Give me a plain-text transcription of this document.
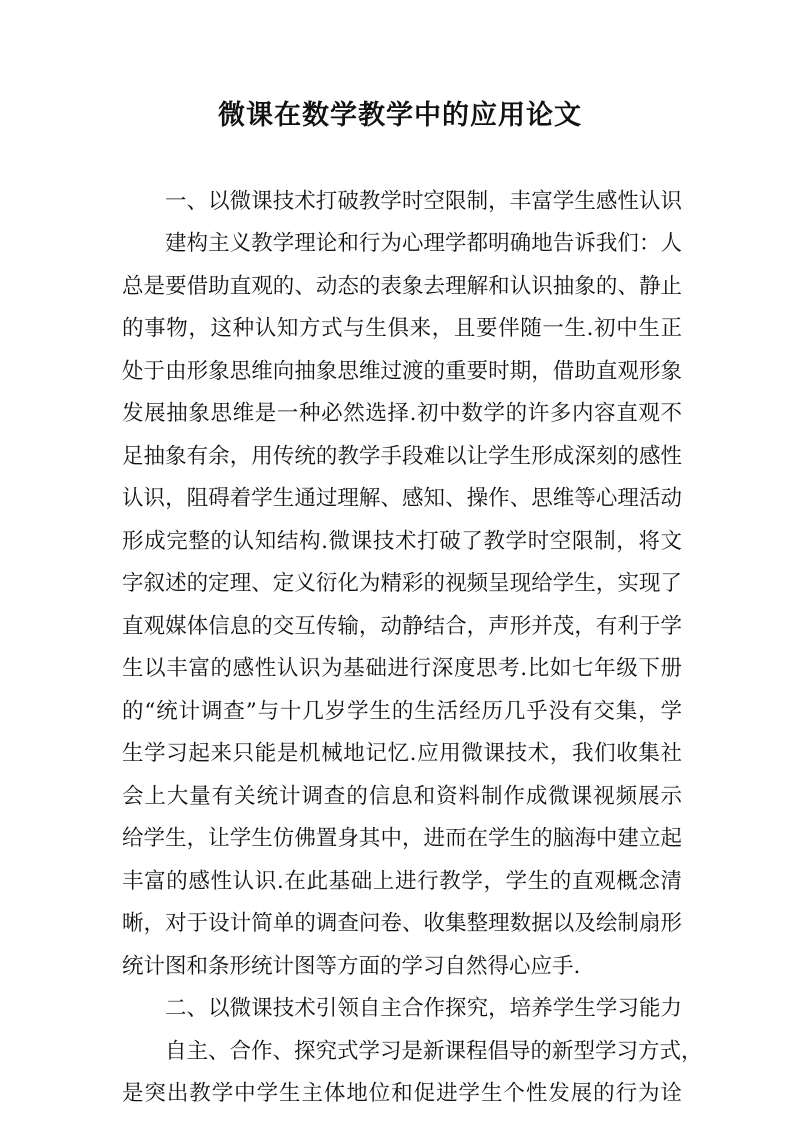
微课在数学教学中的应用论文
一、以微课技术打破教学时空限制，丰富学生感性认识
建构主义教学理论和行为心理学都明确地告诉我们：人
总是要借助直观的、动态的表象去理解和认识抽象的、静止
的事物，这种认知方式与生俱来，且要伴随一生.初中生正
处于由形象思维向抽象思维过渡的重要时期，借助直观形象
发展抽象思维是一种必然选择.初中数学的许多内容直观不
足抽象有余，用传统的教学手段难以让学生形成深刻的感性
认识，阻碍着学生通过理解、感知、操作、思维等心理活动
形成完整的认知结构.微课技术打破了教学时空限制，将文
字叙述的定理、定义衍化为精彩的视频呈现给学生，实现了
直观媒体信息的交互传输，动静结合，声形并茂，有利于学
生以丰富的感性认识为基础进行深度思考.比如七年级下册
的“统计调查”与十几岁学生的生活经历几乎没有交集，学
生学习起来只能是机械地记忆.应用微课技术，我们收集社
会上大量有关统计调查的信息和资料制作成微课视频展示
给学生，让学生仿佛置身其中，进而在学生的脑海中建立起
丰富的感性认识.在此基础上进行教学，学生的直观概念清
晰，对于设计简单的调查问卷、收集整理数据以及绘制扇形
统计图和条形统计图等方面的学习自然得心应手.
二、以微课技术引领自主合作探究，培养学生学习能力
自主、合作、探究式学习是新课程倡导的新型学习方式，
是突出教学中学生主体地位和促进学生个性发展的行为诠
